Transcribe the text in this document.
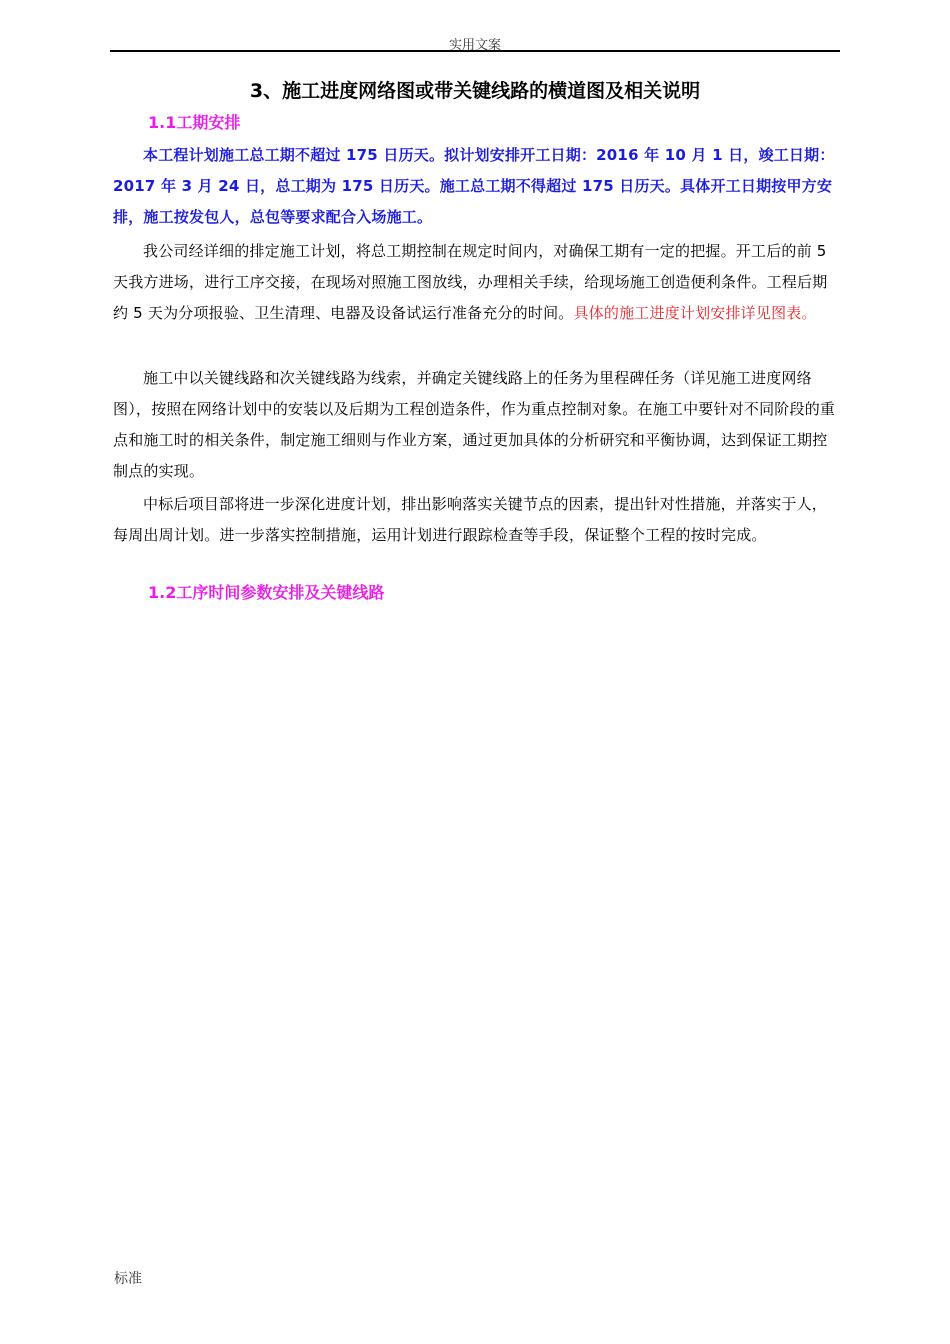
实用文案
3、施工进度网络图或带关键线路的横道图及相关说明
1.1工期安排
本工程计划施工总工期不超过 175 日历天。拟计划安排开工日期：2016 年 10 月 1 日，竣工日期：2017 年 3 月 24 日，总工期为 175 日历天。施工总工期不得超过 175 日历天。具体开工日期按甲方安排，施工按发包人，总包等要求配合入场施工。
我公司经详细的排定施工计划，将总工期控制在规定时间内，对确保工期有一定的把握。开工后的前 5 天我方进场，进行工序交接，在现场对照施工图放线，办理相关手续，给现场施工创造便利条件。工程后期约 5 天为分项报验、卫生清理、电器及设备试运行准备充分的时间。具体的施工进度计划安排详见图表。
施工中以关键线路和次关键线路为线索，并确定关键线路上的任务为里程碑任务（详见施工进度网络图），按照在网络计划中的安装以及后期为工程创造条件，作为重点控制对象。在施工中要针对不同阶段的重点和施工时的相关条件，制定施工细则与作业方案，通过更加具体的分析研究和平衡协调，达到保证工期控制点的实现。
中标后项目部将进一步深化进度计划，排出影响落实关键节点的因素，提出针对性措施，并落实于人，每周出周计划。进一步落实控制措施，运用计划进行跟踪检查等手段，保证整个工程的按时完成。
1.2工序时间参数安排及关键线路
标准
